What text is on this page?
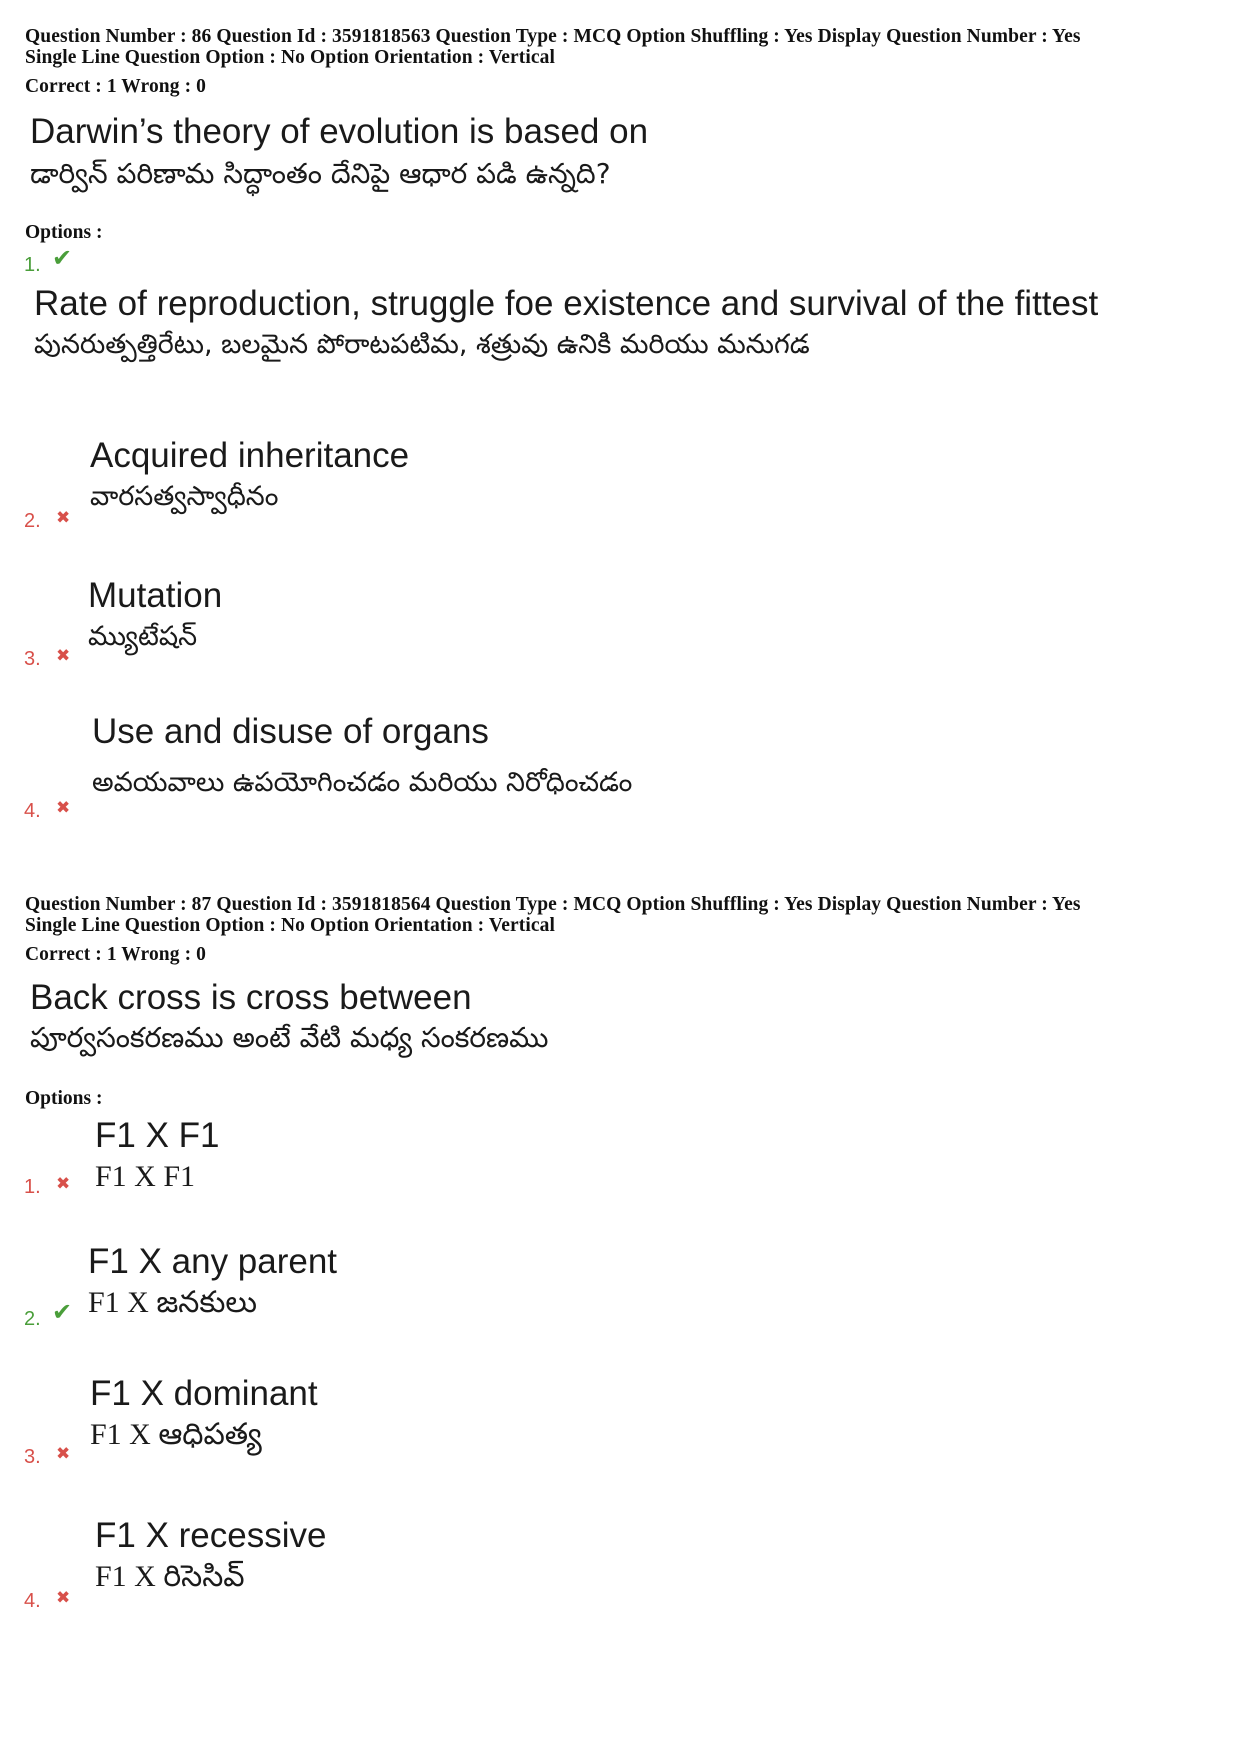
Question Number : 86 Question Id : 3591818563 Question Type : MCQ Option Shuffling : Yes Display Question Number : Yes
Single Line Question Option : No Option Orientation : Vertical
Correct : 1 Wrong : 0
Darwin’s theory of evolution is based on
డార్విన్ పరిణామ సిద్ధాంతం దేనిపై ఆధార పడి ఉన్నది?
Options :
1. ✔
Rate of reproduction, struggle foe existence and survival of the fittest
పునరుత్పత్తిరేటు, బలమైన పోరాటపటిమ, శత్రువు ఉనికి మరియు మనుగడ
2. ✖
Acquired inheritance
వారసత్వస్వాధీనం
3. ✖
Mutation
మ్యుటేషన్
4. ✖
Use and disuse of organs
అవయవాలు ఉపయోగించడం మరియు నిరోధించడం
Question Number : 87 Question Id : 3591818564 Question Type : MCQ Option Shuffling : Yes Display Question Number : Yes
Single Line Question Option : No Option Orientation : Vertical
Correct : 1 Wrong : 0
Back cross is cross between
పూర్వసంకరణము అంటే వేటి మధ్య సంకరణము
Options :
1. ✖
F1 X F1
F1 X F1
2. ✔
F1 X any parent
F1 X జనకులు
3. ✖
F1 X dominant
F1 X ఆధిపత్య
4. ✖
F1 X recessive
F1 X రిసెసివ్
